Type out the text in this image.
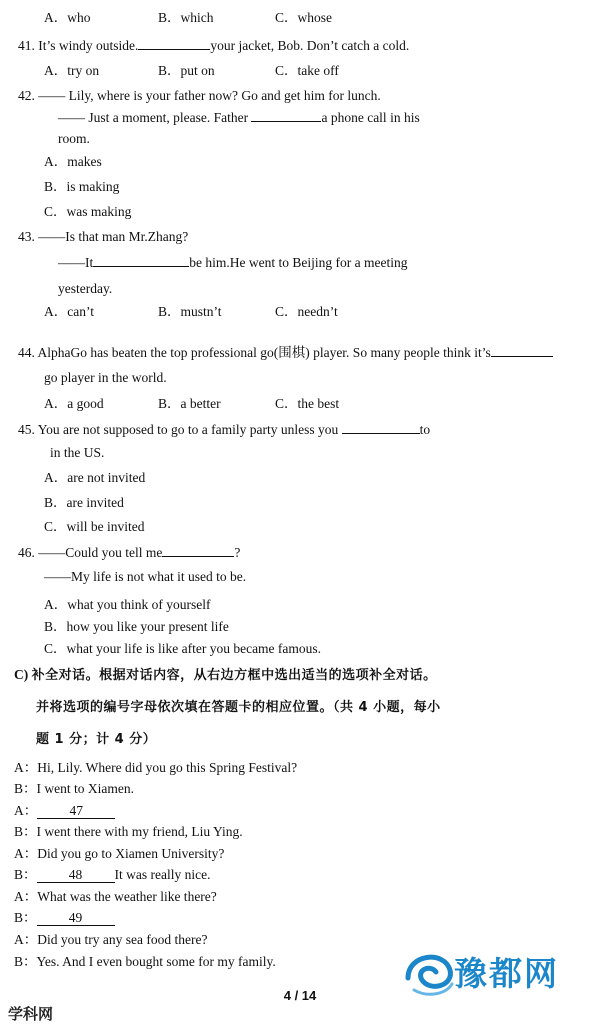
A．who	B．which	C．whose
41. It’s windy outside.	your jacket, Bob. Don’t catch a cold.
A．try on	B．put on	C．take off
42. —— Lily, where is your father now? Go and get him for lunch.
—— Just a moment, please. Father	a phone call in his
room.
A．makes
B．is making
C．was making
43. ——Is that man Mr.Zhang?
——It	be him.He went to Beijing for a meeting
yesterday.
A．can’t	B．mustn’t	C．needn’t
44. AlphaGo has beaten the top professional go(围棋) player. So many people think it’s
go player in the world.
A．a good	B．a better	C．the best
45. You are not supposed to go to a family party unless you	to
in the US.
A．are not invited
B．are invited
C．will be invited
46. ——Could you tell me	?
——My life is not what it used to be.
A．what you think of yourself
B．how you like your present life
C．what your life is like after you became famous.
C) 补全对话。根据对话内容，从右边方框中选出适当的选项补全对话。
并将选项的编号字母依次填在答题卡的相应位置。（共 4 小题，每小
题 1 分；计 4 分）
A：Hi, Lily. Where did you go this Spring Festival?
B：I went to Xiamen.
A： 47
B：I went there with my friend, Liu Ying.
A：Did you go to Xiamen University?
B： 48 It was really nice.
A：What was the weather like there?
B： 49
A：Did you try any sea food there?
B：Yes. And I even bought some for my family.	豫都网
4 / 14
学科网
